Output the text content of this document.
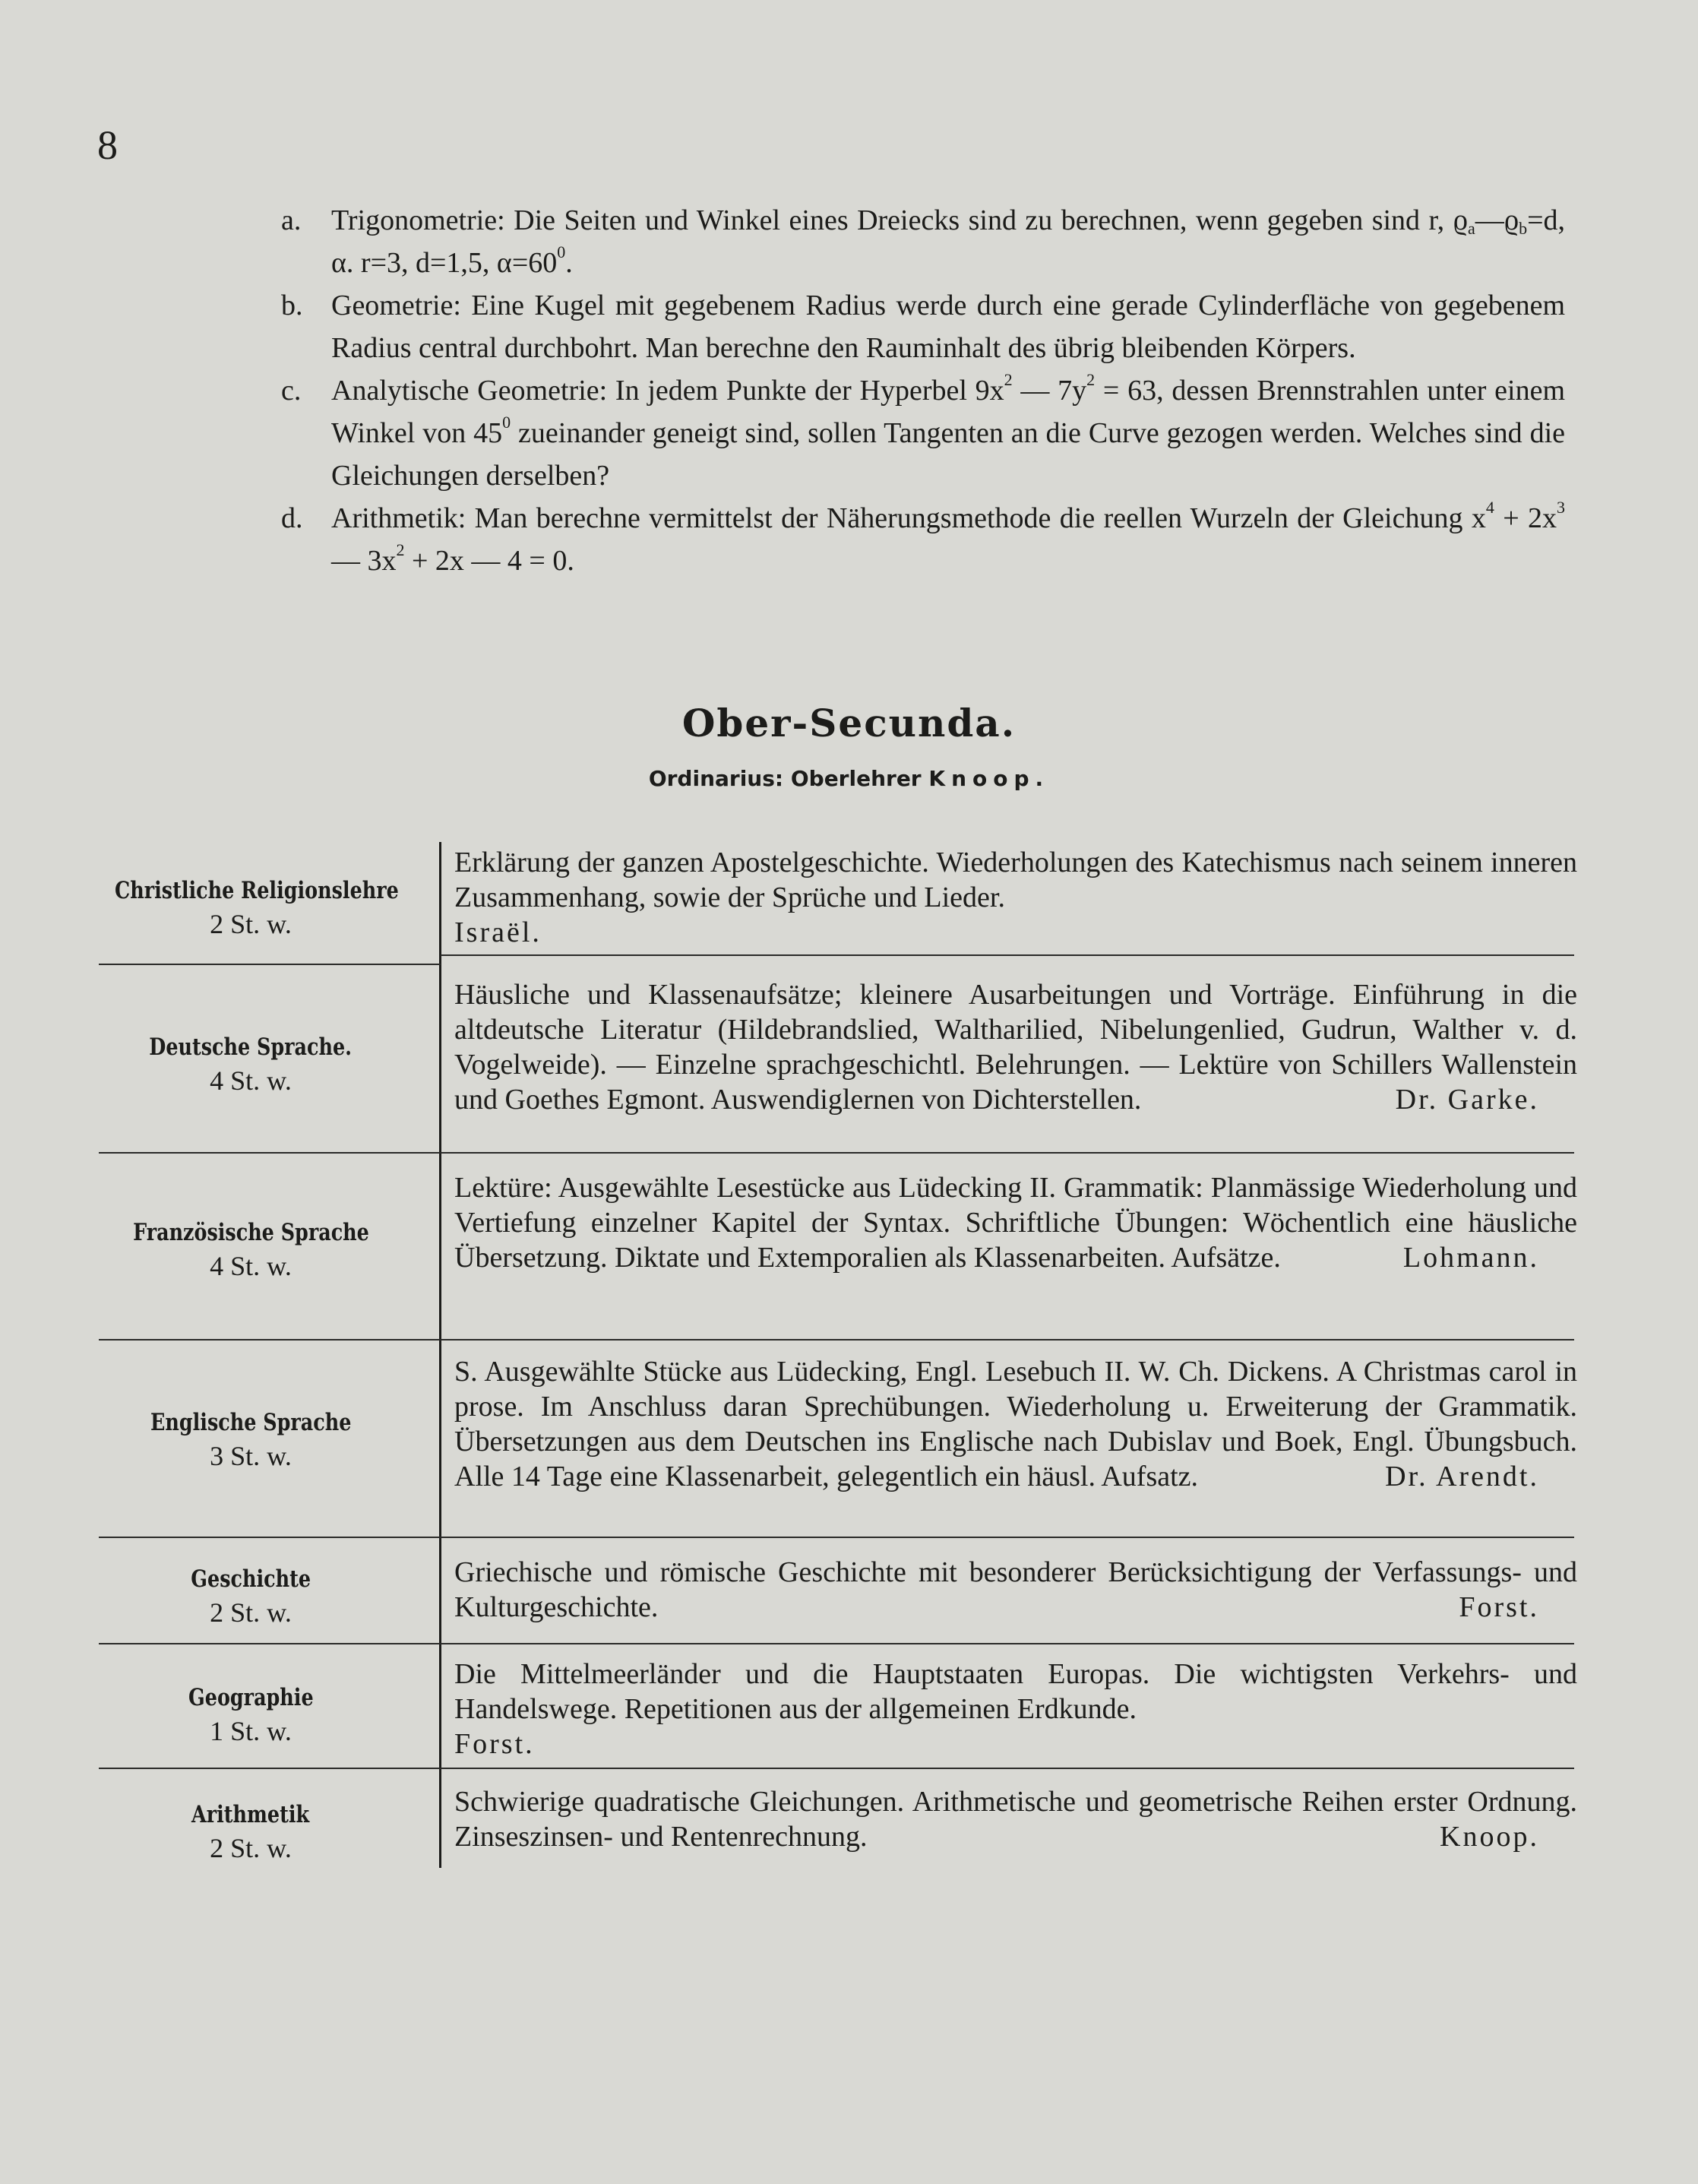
8
a.	Trigonometrie: Die Seiten und Winkel eines Dreiecks sind zu berechnen, wenn gegeben sind r, $ϱ_a—ϱ_b=d$, α. r=3, d=1,5, $\alpha=60^0$.
b. Geometrie: Eine Kugel mit gegebenem Radius werde durch eine gerade Cylinderfläche von gegebenem Radius central durchbohrt. Man berechne den Rauminhalt des übrig bleibenden Körpers.
c.	Analytische Geometrie: In jedem Punkte der Hyperbel $9x^2$ — $7y^2 = 63$, dessen Brennstrahlen unter einem Winkel von $45^0$ zueinander geneigt sind, sollen Tangenten an die Curve gezogen werden. Welches sind die Gleichungen derselben?
d. Arithmetik: Man berechne vermittelst der Näherungsmethode die reellen Wurzeln der Gleichung $x^4 + 2x^3$ — $3x^2 + 2x$ — 4 = 0.
Ober-Secunda.
Ordinarius: Oberlehrer Knoop.
Christliche Religionslehre
2 St. w.
Erklärung der ganzen Apostelgeschichte. Wiederholungen des Katechismus nach seinem inneren Zusammenhang, sowie der Sprüche und Lieder.
Israël.
Deutsche Sprache.
4 St. w.
Häusliche und Klassenaufsätze; kleinere Ausarbeitungen und Vorträge. Einführung in die altdeutsche Literatur (Hildebrandslied, Waltharilied, Nibelungenlied, Gudrun, Walther v. d. Vogelweide). — Einzelne sprachgeschichtl. Belehrungen. — Lektüre von Schillers Wallenstein und Goethes Egmont. Auswendiglernen von Dichterstellen.	Dr. Garke.
Französische Sprache
4 St. w.
Lektüre: Ausgewählte Lesestücke aus Lüdecking II. Grammatik: Planmässige Wiederholung und Vertiefung einzelner Kapitel der Syntax. Schriftliche Übungen: Wöchentlich eine häusliche Übersetzung. Diktate und Extemporalien als Klassenarbeiten. Aufsätze.	Lohmann.
Englische Sprache
3 St. w.
S. Ausgewählte Stücke aus Lüdecking, Engl. Lesebuch II. W. Ch. Dickens. A Christmas carol in prose. Im Anschluss daran Sprechübungen. Wiederholung u. Erweiterung der Grammatik. Übersetzungen aus dem Deutschen ins Englische nach Dubislav und Boek, Engl. Übungsbuch. Alle 14 Tage eine Klassenarbeit, gelegentlich ein häusl. Aufsatz.	Dr. Arendt.
Geschichte
2 St. w.
Griechische und römische Geschichte mit besonderer Berücksichtigung der Verfassungs- und Kulturgeschichte.	Forst.
Geographie
1 St. w.
Die Mittelmeerländer und die Hauptstaaten Europas. Die wichtigsten Verkehrs- und Handelswege. Repetitionen aus der allgemeinen Erdkunde.
Forst.
Arithmetik
2 St. w.
Schwierige quadratische Gleichungen. Arithmetische und geometrische Reihen erster Ordnung. Zinseszinsen- und Rentenrechnung.	Knoop.
